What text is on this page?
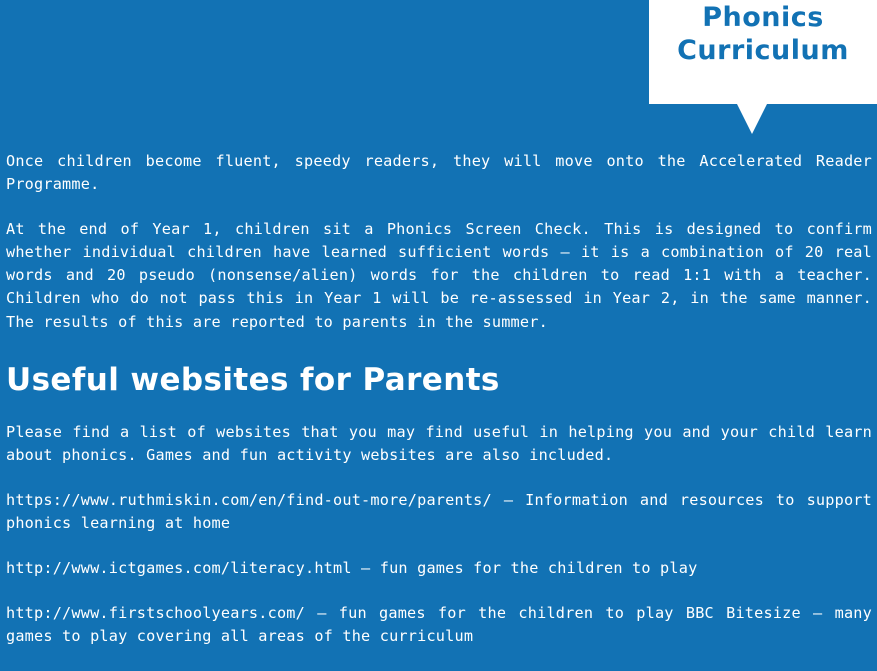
Phonics
Curriculum

Once children become fluent, speedy readers, they will move onto the Accelerated Reader Programme.

At the end of Year 1, children sit a Phonics Screen Check. This is designed to confirm whether individual children have learned sufficient words – it is a combination of 20 real words and 20 pseudo (nonsense/alien) words for the children to read 1:1 with a teacher. Children who do not pass this in Year 1 will be re-assessed in Year 2, in the same manner. The results of this are reported to parents in the summer.

Useful websites for Parents

Please find a list of websites that you may find useful in helping you and your child learn about phonics. Games and fun activity websites are also included.

https://www.ruthmiskin.com/en/find-out-more/parents/ – Information and resources to support phonics learning at home

http://www.ictgames.com/literacy.html – fun games for the children to play

http://www.firstschoolyears.com/ – fun games for the children to play BBC Bitesize – many games to play covering all areas of the curriculum
